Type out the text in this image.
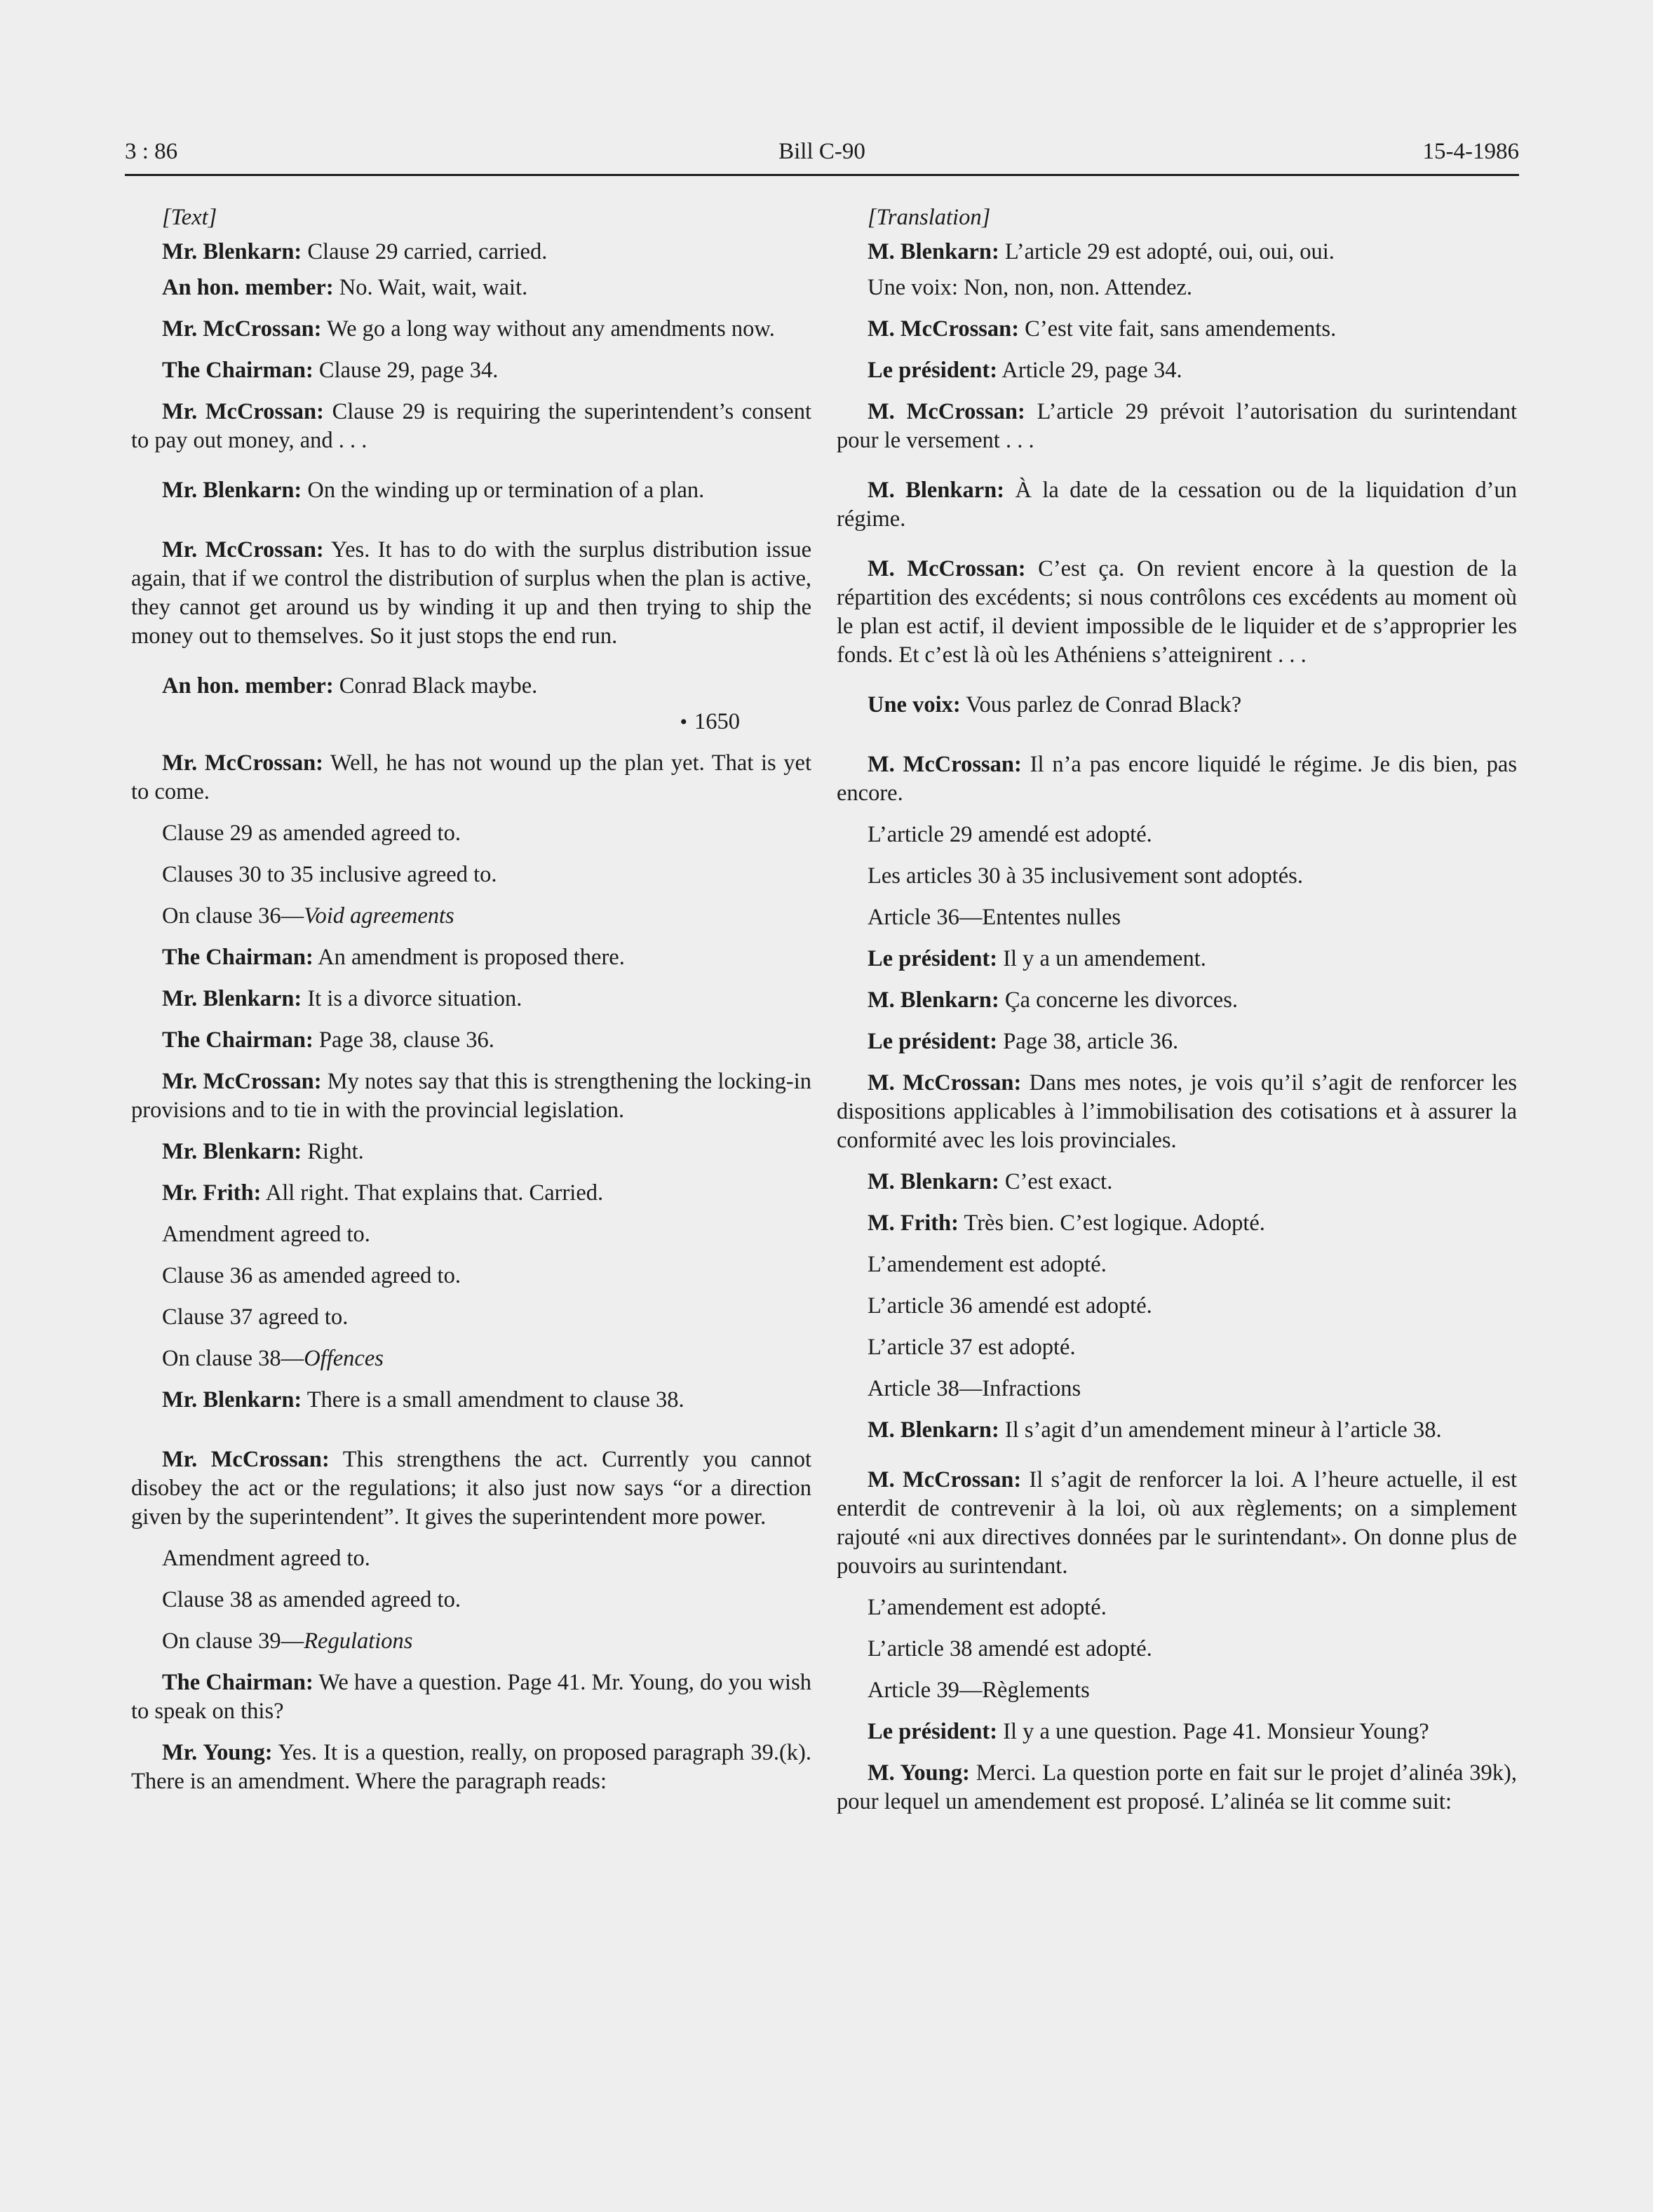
3 : 86	Bill C-90	15-4-1986

[Text]

Mr. Blenkarn: Clause 29 carried, carried.

An hon. member: No. Wait, wait, wait.

Mr. McCrossan: We go a long way without any amendments now.

The Chairman: Clause 29, page 34.

Mr. McCrossan: Clause 29 is requiring the superintendent’s consent to pay out money, and . . .

Mr. Blenkarn: On the winding up or termination of a plan.

Mr. McCrossan: Yes. It has to do with the surplus distribution issue again, that if we control the distribution of surplus when the plan is active, they cannot get around us by winding it up and then trying to ship the money out to themselves. So it just stops the end run.

An hon. member: Conrad Black maybe.

• 1650

Mr. McCrossan: Well, he has not wound up the plan yet. That is yet to come.

Clause 29 as amended agreed to.

Clauses 30 to 35 inclusive agreed to.

On clause 36—Void agreements

The Chairman: An amendment is proposed there.

Mr. Blenkarn: It is a divorce situation.

The Chairman: Page 38, clause 36.

Mr. McCrossan: My notes say that this is strengthening the locking-in provisions and to tie in with the provincial legislation.

Mr. Blenkarn: Right.

Mr. Frith: All right. That explains that. Carried.

Amendment agreed to.

Clause 36 as amended agreed to.

Clause 37 agreed to.

On clause 38—Offences

Mr. Blenkarn: There is a small amendment to clause 38.

Mr. McCrossan: This strengthens the act. Currently you cannot disobey the act or the regulations; it also just now says “or a direction given by the superintendent”. It gives the superintendent more power.

Amendment agreed to.

Clause 38 as amended agreed to.

On clause 39—Regulations

The Chairman: We have a question. Page 41. Mr. Young, do you wish to speak on this?

Mr. Young: Yes. It is a question, really, on proposed paragraph 39.(k). There is an amendment. Where the paragraph reads:

[Translation]

M. Blenkarn: L’article 29 est adopté, oui, oui, oui.

Une voix: Non, non, non. Attendez.

M. McCrossan: C’est vite fait, sans amendements.

Le président: Article 29, page 34.

M. McCrossan: L’article 29 prévoit l’autorisation du surintendant pour le versement . . .

M. Blenkarn: À la date de la cessation ou de la liquidation d’un régime.

M. McCrossan: C’est ça. On revient encore à la question de la répartition des excédents; si nous contrôlons ces excédents au moment où le plan est actif, il devient impossible de le liquider et de s’approprier les fonds. Et c’est là où les Athéniens s’atteignirent . . .

Une voix: Vous parlez de Conrad Black?

M. McCrossan: Il n’a pas encore liquidé le régime. Je dis bien, pas encore.

L’article 29 amendé est adopté.

Les articles 30 à 35 inclusivement sont adoptés.

Article 36—Ententes nulles

Le président: Il y a un amendement.

M. Blenkarn: Ça concerne les divorces.

Le président: Page 38, article 36.

M. McCrossan: Dans mes notes, je vois qu’il s’agit de renforcer les dispositions applicables à l’immobilisation des cotisations et à assurer la conformité avec les lois provinciales.

M. Blenkarn: C’est exact.

M. Frith: Très bien. C’est logique. Adopté.

L’amendement est adopté.

L’article 36 amendé est adopté.

L’article 37 est adopté.

Article 38—Infractions

M. Blenkarn: Il s’agit d’un amendement mineur à l’article 38.

M. McCrossan: Il s’agit de renforcer la loi. A l’heure actuelle, il est enterdit de contrevenir à la loi, où aux règlements; on a simplement rajouté «ni aux directives données par le surintendant». On donne plus de pouvoirs au surintendant.

L’amendement est adopté.

L’article 38 amendé est adopté.

Article 39—Règlements

Le président: Il y a une question. Page 41. Monsieur Young?

M. Young: Merci. La question porte en fait sur le projet d’alinéa 39k), pour lequel un amendement est proposé. L’alinéa se lit comme suit:
